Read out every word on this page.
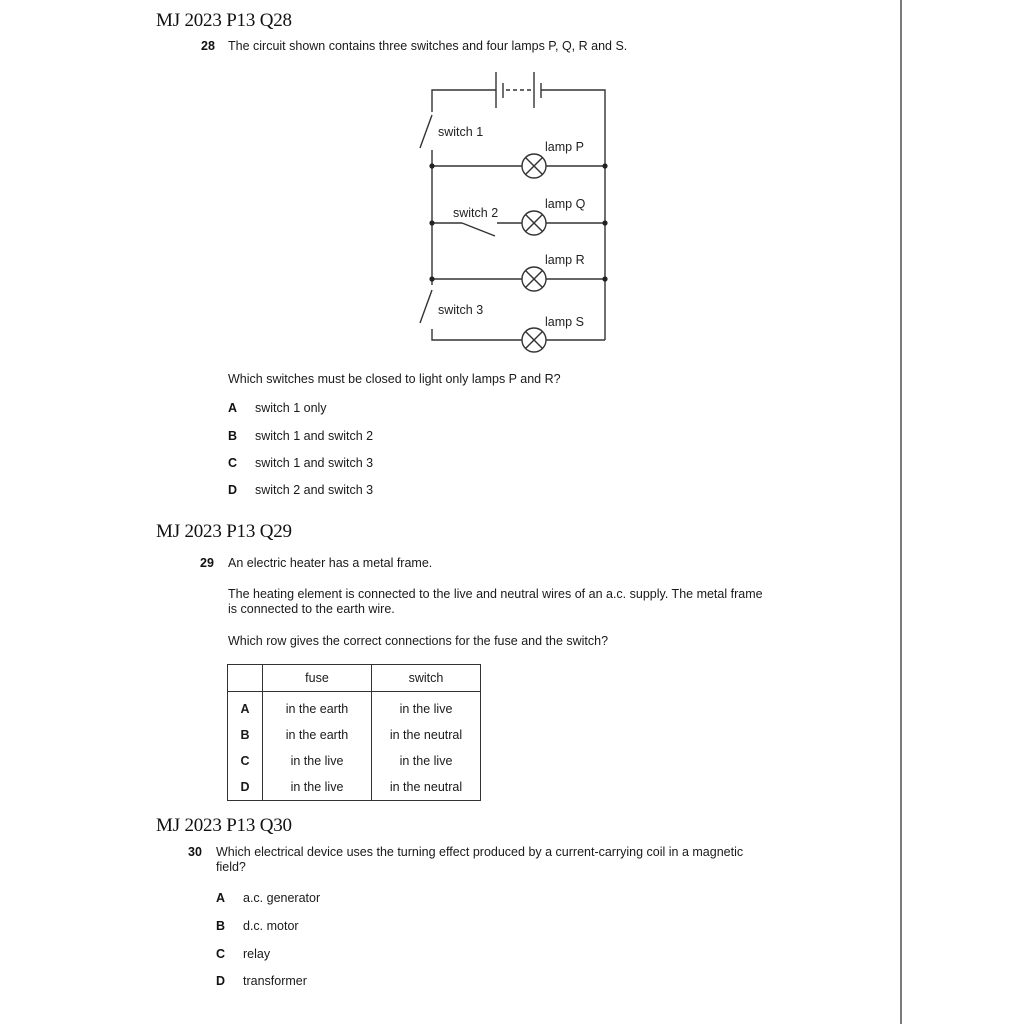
MJ 2023 P13 Q28
28 The circuit shown contains three switches and four lamps P, Q, R and S.
switch 1
switch 2
switch 3
lamp P
lamp Q
lamp R
lamp S
Which switches must be closed to light only lamps P and R?
A switch 1 only
B switch 1 and switch 2
C switch 1 and switch 3
D switch 2 and switch 3
MJ 2023 P13 Q29
29 An electric heater has a metal frame.
The heating element is connected to the live and neutral wires of an a.c. supply. The metal frame
is connected to the earth wire.
Which row gives the correct connections for the fuse and the switch?
	fuse	switch
A	in the earth	in the live
B	in the earth	in the neutral
C	in the live	in the live
D	in the live	in the neutral
MJ 2023 P13 Q30
30 Which electrical device uses the turning effect produced by a current-carrying coil in a magnetic
field?
A a.c. generator
B d.c. motor
C relay
D transformer
